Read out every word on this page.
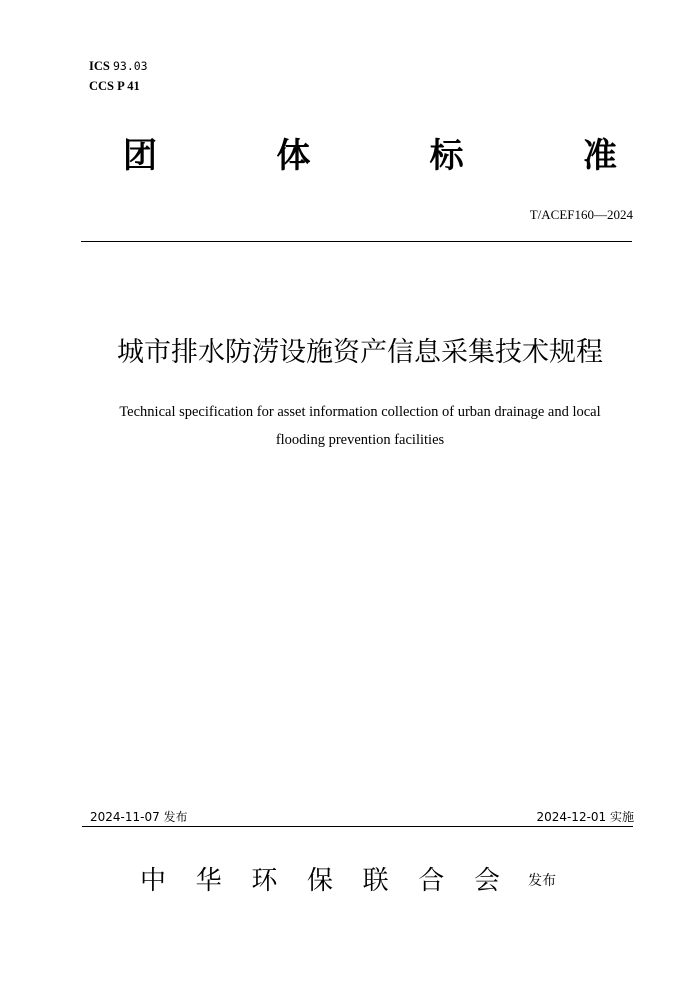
ICS 93.03
CCS P 41
团	体	标	准
T/ACEF160—2024
城市排水防涝设施资产信息采集技术规程
Technical specification for asset information collection of urban drainage and local
flooding prevention facilities
2024-11-07 发布	2024-12-01 实施
中 华 环 保 联 合 会 发布
